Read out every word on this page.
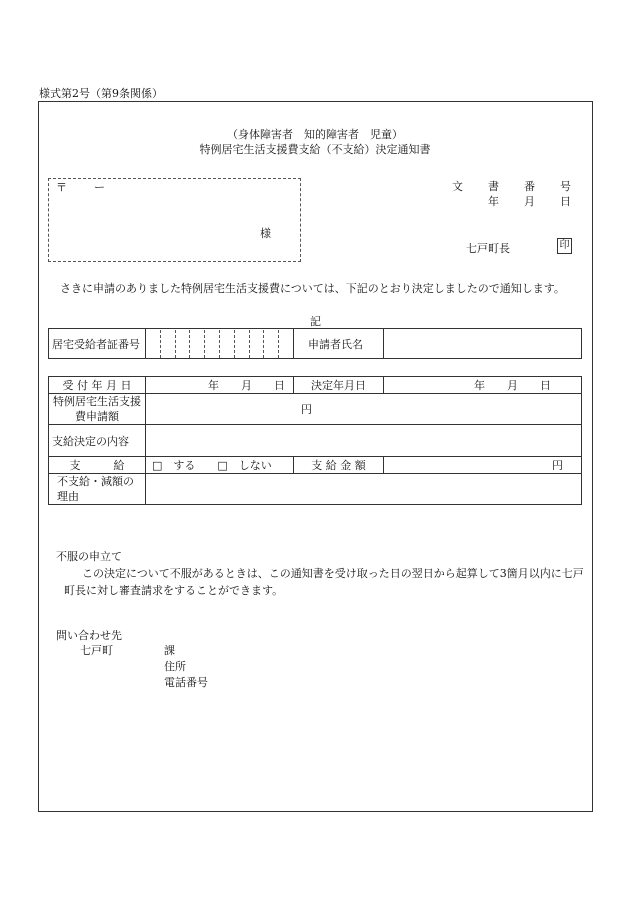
様式第2号（第9条関係）
（身体障害者　知的障害者　児童）
特例居宅生活支援費支給（不支給）決定通知書
〒 ー
様
文 書 番 号
年 月 日
七戸町長	印
さきに申請のありました特例居宅生活支援費については、下記のとおり決定しましたので通知します。
記
居宅受給者証番号		申請者氏名	
受 付 年 月 日	年　　月　　日	決定年月日	年　　月　　日
特例居宅生活支援費申請額	円		
支給決定の内容			
支　　　給	□　する　　□　しない	支 給 金 額	円
不支給・減額の理由			
不服の申立て
この決定について不服があるときは、この通知書を受け取った日の翌日から起算して3箇月以内に七戸町長に対し審査請求をすることができます。
問い合わせ先
七戸町	課
住所
電話番号
